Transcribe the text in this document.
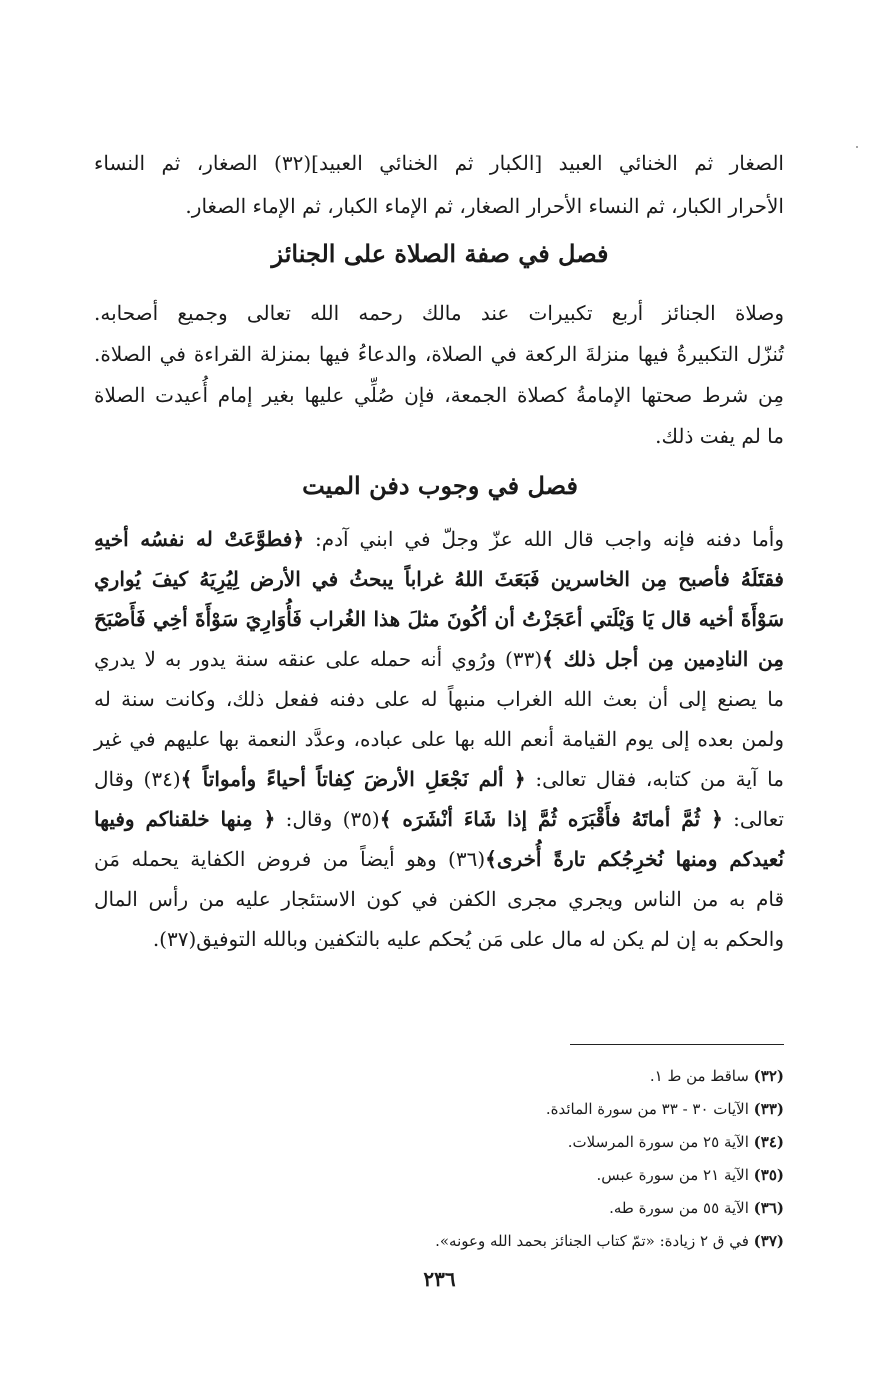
الصغار ثم الخنائي العبيد [الكبار ثم الخنائي العبيد](٣٢) الصغار، ثم النساء
الأحرار الكبار، ثم النساء الأحرار الصغار، ثم الإماء الكبار، ثم الإماء الصغار.
فصل في صفة الصلاة على الجنائز
وصلاة الجنائز أربع تكبيرات عند مالك رحمه الله تعالى وجميع أصحابه.
تُنزّل التكبيرةُ فيها منزلةَ الركعة في الصلاة، والدعاءُ فيها بمنزلة القراءة في الصلاة.
مِن شرط صحتها الإمامةُ كصلاة الجمعة، فإن صُلِّي عليها بغير إمام أُعيدت الصلاة
ما لم يفت ذلك.
فصل في وجوب دفن الميت
وأما دفنه فإنه واجب قال الله عزّ وجلّ في ابني آدم: ﴿فطوَّعَتْ له نفسُه أخيهِ
فقتَلَهُ فأصبح مِن الخاسرين فَبَعَثَ اللهُ غراباً يبحثُ في الأرض لِيُرِيَهُ كيفَ يُواري
سَوْأَةَ أخيه قال يَا وَيْلَتي أعَجَزْتُ أن أكُونَ مثلَ هذا الغُراب فَأُوَارِيَ سَوْأَةَ أخِي فَأَصْبَحَ
مِن النادِمين مِن أجل ذلك ﴾(٣٣) ورُوي أنه حمله على عنقه سنة يدور به لا يدري
ما يصنع إلى أن بعث الله الغراب منبهاً له على دفنه ففعل ذلك، وكانت سنة له
ولمن بعده إلى يوم القيامة أنعم الله بها على عباده، وعدَّد النعمة بها عليهم في غير
ما آية من كتابه، فقال تعالى: ﴿ ألم نَجْعَلِ الأرضَ كِفاتاً أحياءً وأمواتاً ﴾(٣٤) وقال
تعالى: ﴿ ثُمَّ أماتَهُ فأَقْبَرَه ثُمَّ إذا شَاءَ أنْشَرَه ﴾(٣٥) وقال: ﴿ مِنها خلقناكم وفيها
نُعيدكم ومنها نُخرِجُكم تارةً أُخرى﴾(٣٦) وهو أيضاً من فروض الكفاية يحمله مَن
قام به من الناس ويجري مجرى الكفن في كون الاستئجار عليه من رأس المال
والحكم به إن لم يكن له مال على مَن يُحكم عليه بالتكفين وبالله التوفيق(٣٧).
(٣٢) ساقط من ط ١.
(٣٣) الآيات ٣٠ - ٣٣ من سورة المائدة.
(٣٤) الآية ٢٥ من سورة المرسلات.
(٣٥) الآية ٢١ من سورة عبس.
(٣٦) الآية ٥٥ من سورة طه.
(٣٧) في ق ٢ زيادة: «تمّ كتاب الجنائز بحمد الله وعونه».
٢٣٦
